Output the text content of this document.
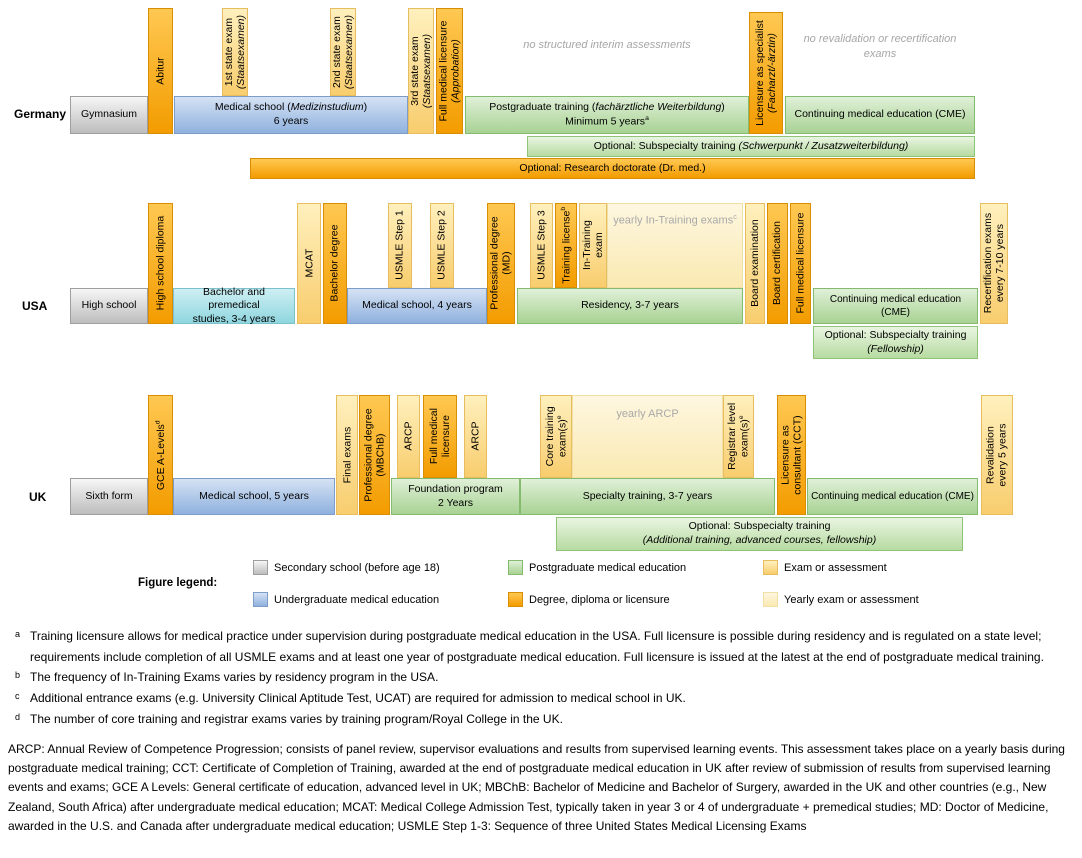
Germany Gymnasium
Abitur
Medical school (Medizinstudium)
6 years
1st state exam (Staatsexamen)	2nd state exam (Staatsexamen)	3rd state exam (Staatsexamen) Full medical licensure (Approbation)	no structured interim assessments
Postgraduate training (fachärztliche Weiterbildung)
Minimum 5 years$^a$	Licensure as specialist (Facharzt/-ärztin)	no revalidation or recertification
exams
Continuing medical education (CME)
Optional: Subspecialty training (Schwerpunkt / Zusatzweiterbildung)
Optional: Research doctorate (Dr. med.)
USA	High school High school diploma	Bachelor and premedical
studies, 3-4 years
MCAT Bachelor degree
Medical school, 4 years
USMLE Step 1	USMLE Step 2	Professional degree (MD)
Residency, 3-7 years
USMLE Step 3 Training license$^b$
In-Training exam
yearly In-Training exams$^c$
Board examination Board certification Full medical licensure	Continuing medical education (CME)	Recertification exams every 7-10 years
Optional: Subspecialty training
(Fellowship)
UK	Sixth form
GCE A-Levels$^d$
Medical school, 5 years
Final exams Professional degree (MBChB)
Foundation program
2 Years
ARCP Full medical licensure ARCP
Specialty training, 3-7 years
Core training $exam(s)^e$	yearly ARCP	Registrar level $exam(s)^e$
Licensure as consultant (CCT)
Continuing medical education (CME)
Revalidation every 5 years
Optional: Subspecialty training
(Additional training, advanced courses, fellowship)
Figure legend:
Secondary school (before age 18)
Undergraduate medical education
Postgraduate medical education
Degree, diploma or licensure
Exam or assessment
Yearly exam or assessment
a Training licensure allows for medical practice under supervision during postgraduate medical education in the USA. Full licensure is possible during residency and is regulated on a state level; requirements include completion of all USMLE exams and at least one year of postgraduate medical education. Full licensure is issued at the latest at the end of postgraduate medical training.
b The frequency of In-Training Exams varies by residency program in the USA.
c Additional entrance exams (e.g. University Clinical Aptitude Test, UCAT) are required for admission to medical school in UK.
d The number of core training and registrar exams varies by training program/Royal College in the UK.
ARCP: Annual Review of Competence Progression; consists of panel review, supervisor evaluations and results from supervised learning events. This assessment takes place on a yearly basis during postgraduate medical training; CCT: Certificate of Completion of Training, awarded at the end of postgraduate medical education in UK after review of submission of results from supervised learning events and exams; GCE A Levels: General certificate of education, advanced level in UK; MBChB: Bachelor of Medicine and Bachelor of Surgery, awarded in the UK and other countries (e.g., New Zealand, South Africa) after undergraduate medical education; MCAT: Medical College Admission Test, typically taken in year 3 or 4 of undergraduate + premedical studies; MD: Doctor of Medicine, awarded in the U.S. and Canada after undergraduate medical education; USMLE Step 1-3: Sequence of three United States Medical Licensing Exams
